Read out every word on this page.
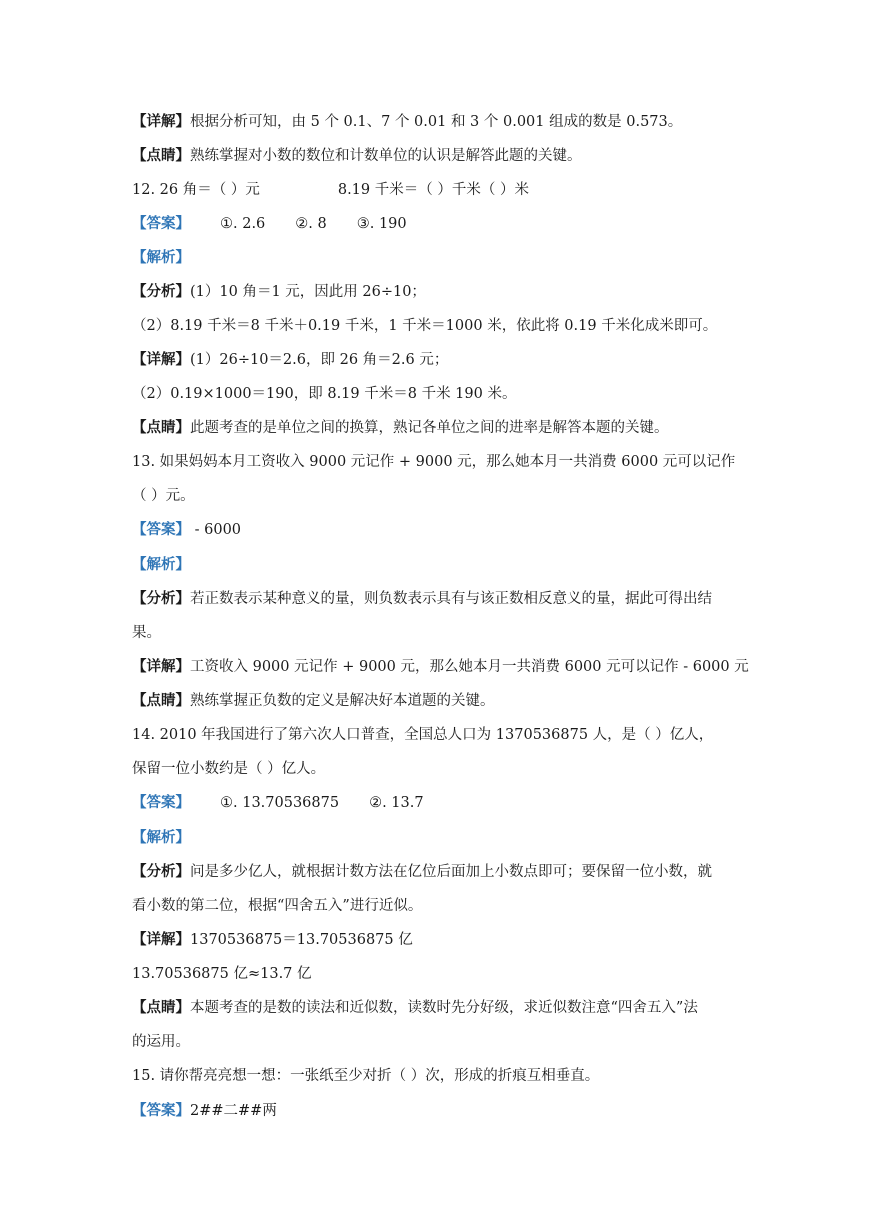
【详解】根据分析可知，由 5 个 0.1、7 个 0.01 和 3 个 0.001 组成的数是 0.573。
【点睛】熟练掌握对小数的数位和计数单位的认识是解答此题的关键。
12. 26 角＝（ ）元	8.19 千米＝（ ）千米（ ）米
【答案】 ①. 2.6 ②. 8 ③. 190
【解析】
【分析】(1）10 角＝1 元，因此用 26÷10；
（2）8.19 千米＝8 千米＋0.19 千米，1 千米＝1000 米，依此将 0.19 千米化成米即可。
【详解】(1）26÷10＝2.6，即 26 角＝2.6 元；
（2）0.19×1000＝190，即 8.19 千米＝8 千米 190 米。
【点睛】此题考查的是单位之间的换算，熟记各单位之间的进率是解答本题的关键。
13. 如果妈妈本月工资收入 9000 元记作 + 9000 元，那么她本月一共消费 6000 元可以记作
（ ）元。
【答案】 - 6000
【解析】
【分析】若正数表示某种意义的量，则负数表示具有与该正数相反意义的量，据此可得出结
果。
【详解】工资收入 9000 元记作 + 9000 元，那么她本月一共消费 6000 元可以记作 - 6000 元
【点睛】熟练掌握正负数的定义是解决好本道题的关键。
14. 2010 年我国进行了第六次人口普查，全国总人口为 1370536875 人，是（ ）亿人，
保留一位小数约是（ ）亿人。
【答案】 ①. 13.70536875 ②. 13.7
【解析】
【分析】问是多少亿人，就根据计数方法在亿位后面加上小数点即可；要保留一位小数，就
看小数的第二位，根据“四舍五入”进行近似。
【详解】1370536875＝13.70536875 亿
13.70536875 亿≈13.7 亿
【点睛】本题考查的是数的读法和近似数，读数时先分好级，求近似数注意“四舍五入”法
的运用。
15. 请你帮亮亮想一想：一张纸至少对折（ ）次，形成的折痕互相垂直。
【答案】2##二##两
